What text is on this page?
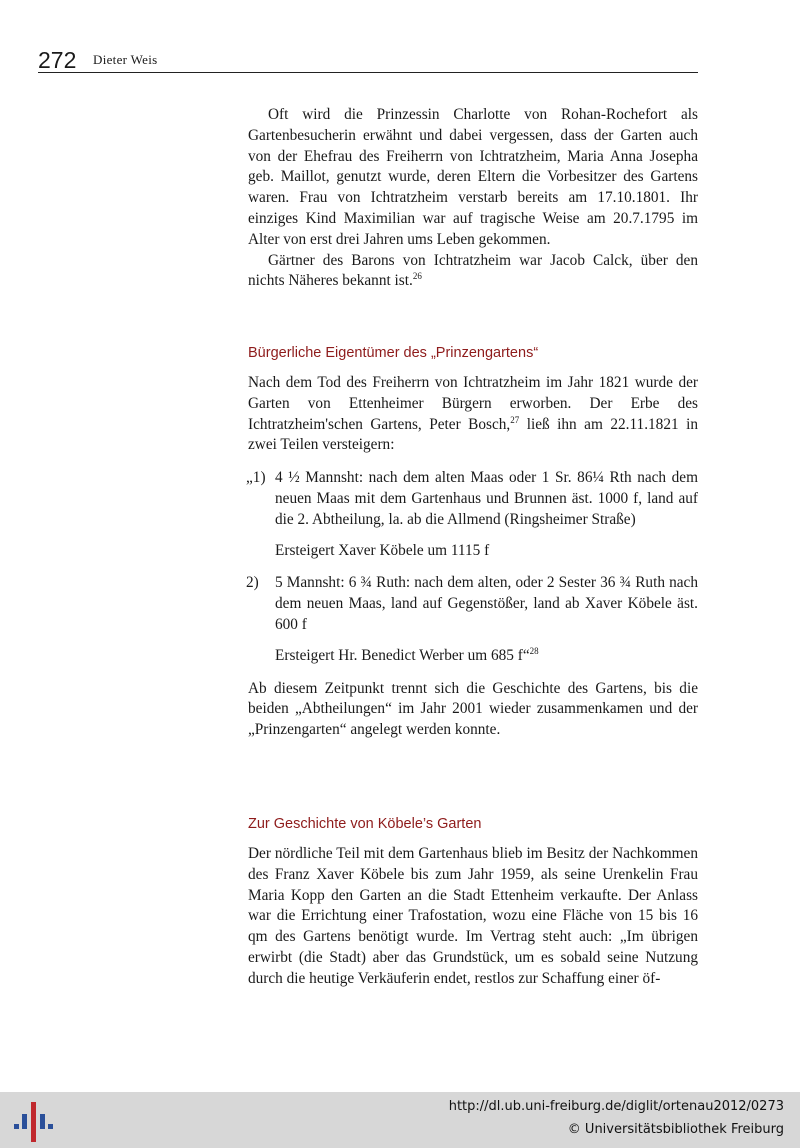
272 Dieter Weis

Oft wird die Prinzessin Charlotte von Rohan-Rochefort als Gartenbesucherin erwähnt und dabei vergessen, dass der Garten auch von der Ehefrau des Freiherrn von Ichtratzheim, Maria Anna Josepha geb. Maillot, genutzt wurde, deren Eltern die Vorbesitzer des Gartens waren. Frau von Ichtratzheim verstarb bereits am 17.10.1801. Ihr einziges Kind Maximilian war auf tragische Weise am 20.7.1795 im Alter von erst drei Jahren ums Leben gekommen.

Gärtner des Barons von Ichtratzheim war Jacob Calck, über den nichts Näheres bekannt ist.$^{26}$

Bürgerliche Eigentümer des „Prinzengartens“

Nach dem Tod des Freiherrn von Ichtratzheim im Jahr 1821 wurde der Garten von Ettenheimer Bürgern erworben. Der Erbe des Ichtratzheim'schen Gartens, Peter Bosch,$^{27}$ ließ ihn am 22.11.1821 in zwei Teilen versteigern:

„1) 4 ½ Mannsht: nach dem alten Maas oder 1 Sr. 86¼ Rth nach dem neuen Maas mit dem Gartenhaus und Brunnen äst. 1000 f, land auf die 2. Abtheilung, la. ab die Allmend (Ringsheimer Straße)

Ersteigert Xaver Köbele um 1115 f

2) 5 Mannsht: 6 ¾ Ruth: nach dem alten, oder 2 Sester 36 ¾ Ruth nach dem neuen Maas, land auf Gegenstößer, land ab Xaver Köbele äst. 600 f

Ersteigert Hr. Benedict Werber um 685 f“$^{28}$

Ab diesem Zeitpunkt trennt sich die Geschichte des Gartens, bis die beiden „Abtheilungen“ im Jahr 2001 wieder zusammenkamen und der „Prinzengarten“ angelegt werden konnte.

Zur Geschichte von Köbele’s Garten

Der nördliche Teil mit dem Gartenhaus blieb im Besitz der Nachkommen des Franz Xaver Köbele bis zum Jahr 1959, als seine Urenkelin Frau Maria Kopp den Garten an die Stadt Ettenheim verkaufte. Der Anlass war die Errichtung einer Trafostation, wozu eine Fläche von 15 bis 16 qm des Gartens benötigt wurde. Im Vertrag steht auch: „Im übrigen erwirbt (die Stadt) aber das Grundstück, um es sobald seine Nutzung durch die heutige Verkäuferin endet, restlos zur Schaffung einer öf-

http://dl.ub.uni-freiburg.de/diglit/ortenau2012/0273
© Universitätsbibliothek Freiburg
